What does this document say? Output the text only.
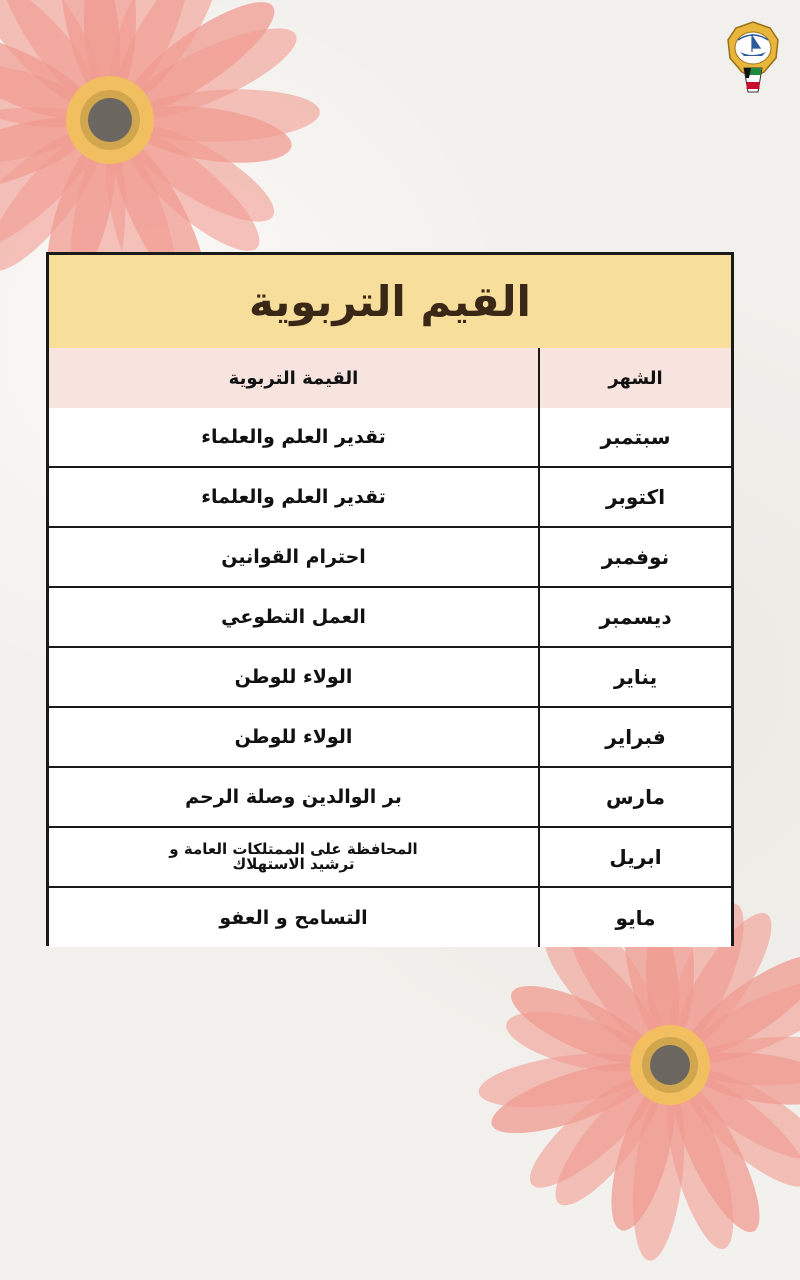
القيم التربوية
القيمة التربوية	الشهر
تقدير العلم والعلماء	سبتمبر
تقدير العلم والعلماء	اكتوبر
احترام القوانين	نوفمبر
العمل التطوعي	ديسمبر
الولاء للوطن	يناير
الولاء للوطن	فبراير
بر الوالدين وصلة الرحم	مارس
المحافظة على الممتلكات العامة و ترشيد الاستهلاك	ابريل
التسامح و العفو	مايو
